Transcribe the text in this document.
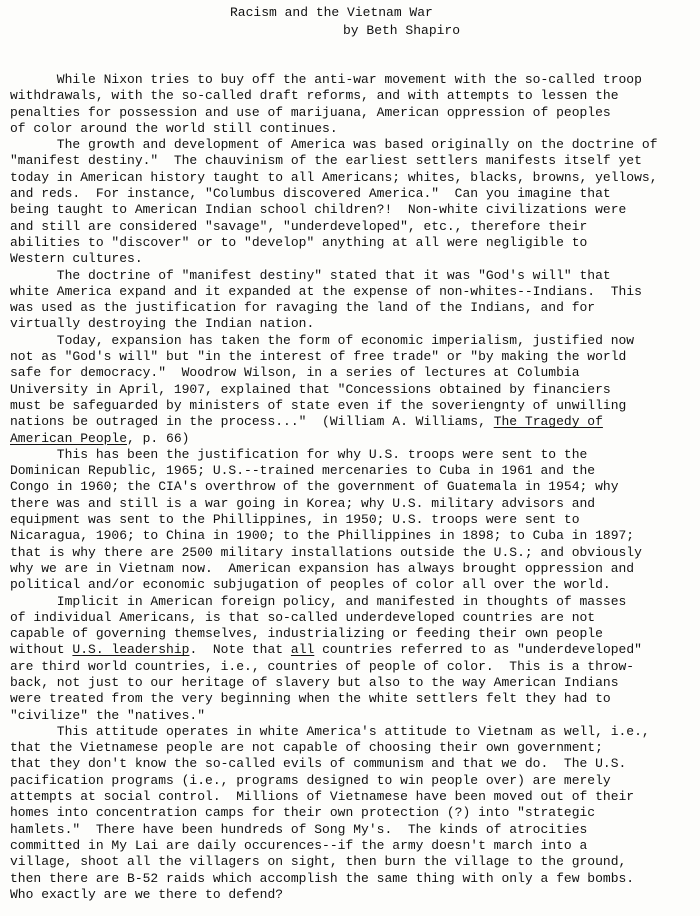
Racism and the Vietnam War
by Beth Shapiro
While Nixon tries to buy off the anti-war movement with the so-called troop
withdrawals, with the so-called draft reforms, and with attempts to lessen the
penalties for possession and use of marijuana, American oppression of peoples
of color around the world still continues.
The growth and development of America was based originally on the doctrine of
"manifest destiny."  The chauvinism of the earliest settlers manifests itself yet
today in American history taught to all Americans; whites, blacks, browns, yellows,
and reds.  For instance, "Columbus discovered America."  Can you imagine that
being taught to American Indian school children?!  Non-white civilizations were
and still are considered "savage", "underdeveloped", etc., therefore their
abilities to "discover" or to "develop" anything at all were negligible to
Western cultures.
The doctrine of "manifest destiny" stated that it was "God's will" that
white America expand and it expanded at the expense of non-whites--Indians.  This
was used as the justification for ravaging the land of the Indians, and for
virtually destroying the Indian nation.
Today, expansion has taken the form of economic imperialism, justified now
not as "God's will" but "in the interest of free trade" or "by making the world
safe for democracy."  Woodrow Wilson, in a series of lectures at Columbia
University in April, 1907, explained that "Concessions obtained by financiers
must be safeguarded by ministers of state even if the soveriengnty of unwilling
nations be outraged in the process..."  (William A. Williams, The Tragedy of
American People, p. 66)
This has been the justification for why U.S. troops were sent to the
Dominican Republic, 1965; U.S.--trained mercenaries to Cuba in 1961 and the
Congo in 1960; the CIA's overthrow of the government of Guatemala in 1954; why
there was and still is a war going in Korea; why U.S. military advisors and
equipment was sent to the Phillippines, in 1950; U.S. troops were sent to
Nicaragua, 1906; to China in 1900; to the Phillippines in 1898; to Cuba in 1897;
that is why there are 2500 military installations outside the U.S.; and obviously
why we are in Vietnam now.  American expansion has always brought oppression and
political and/or economic subjugation of peoples of color all over the world.
Implicit in American foreign policy, and manifested in thoughts of masses
of individual Americans, is that so-called underdeveloped countries are not
capable of governing themselves, industrializing or feeding their own people
without U.S. leadership.  Note that all countries referred to as "underdeveloped"
are third world countries, i.e., countries of people of color.  This is a throw-
back, not just to our heritage of slavery but also to the way American Indians
were treated from the very beginning when the white settlers felt they had to
"civilize" the "natives."
This attitude operates in white America's attitude to Vietnam as well, i.e.,
that the Vietnamese people are not capable of choosing their own government;
that they don't know the so-called evils of communism and that we do.  The U.S.
pacification programs (i.e., programs designed to win people over) are merely
attempts at social control.  Millions of Vietnamese have been moved out of their
homes into concentration camps for their own protection (?) into "strategic
hamlets."  There have been hundreds of Song My's.  The kinds of atrocities
committed in My Lai are daily occurences--if the army doesn't march into a
village, shoot all the villagers on sight, then burn the village to the ground,
then there are B-52 raids which accomplish the same thing with only a few bombs.
Who exactly are we there to defend?
